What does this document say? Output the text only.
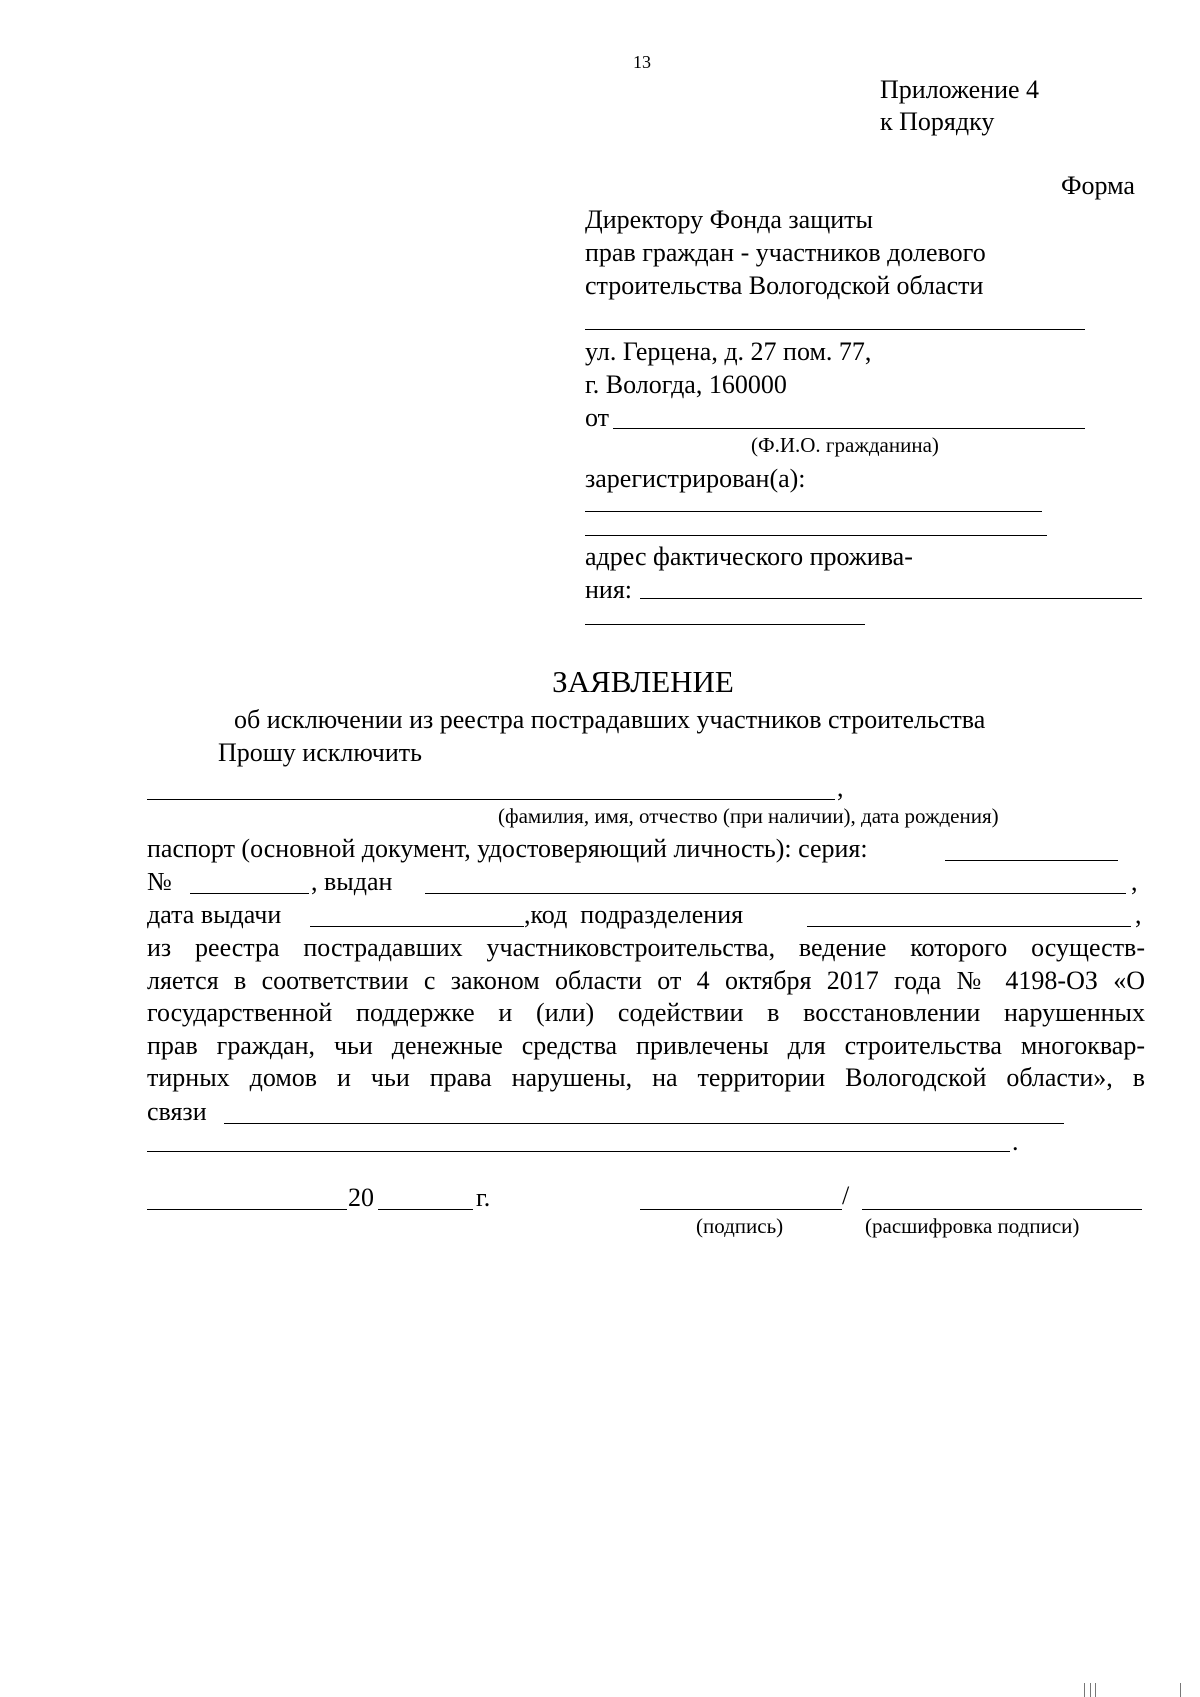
13
Приложение 4
к Порядку
Форма
Директору Фонда защиты
прав граждан - участников долевого
строительства Вологодской области
ул. Герцена, д. 27 пом. 77,
г. Вологда, 160000
от
(Ф.И.О. гражданина)
зарегистрирован(а):
адрес фактического прожива-
ния:
ЗАЯВЛЕНИЕ
об исключении из реестра пострадавших участников строительства
Прошу исключить
,
(фамилия, имя, отчество (при наличии), дата рождения)
паспорт (основной документ, удостоверяющий личность): серия:
№	, выдан	,
дата выдачи	,код  подразделения	,
из реестра пострадавших участниковстроительства, ведение которого осуществ-
ляется в соответствии с законом области от 4 октября 2017 года № 4198-ОЗ «О
государственной поддержке и (или) содействии в восстановлении нарушенных
прав граждан, чьи денежные средства привлечены для строительства многоквар-
тирных домов и чьи права нарушены, на территории Вологодской области», в
связи
.
20	г.	/
(подпись)	(расшифровка подписи)
